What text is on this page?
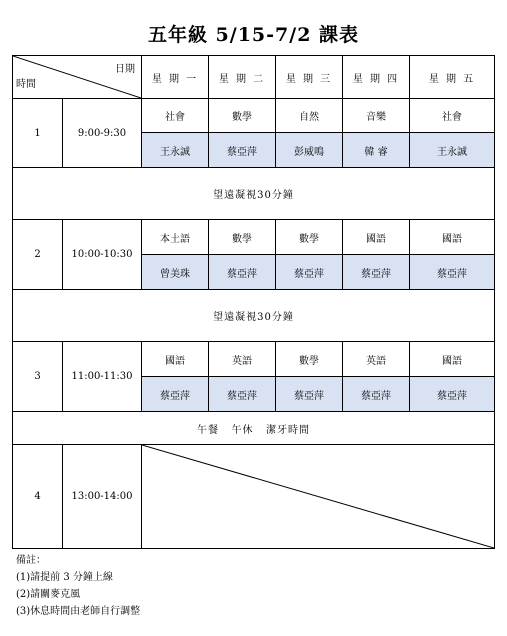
五年級 5/15-7/2 課表
日期
時間		星 期 一	星 期 二	星 期 三	星 期 四	星 期 五
1	9:00-9:30	社會	數學	自然	音樂	社會
		王永誠	蔡亞萍	彭威鳴	韓 睿	王永誠
望遠凝視30分鐘						
2	10:00-10:30	本土語	數學	數學	國語	國語
		曾美珠	蔡亞萍	蔡亞萍	蔡亞萍	蔡亞萍
望遠凝視30分鐘						
3	11:00-11:30	國語	英語	數學	英語	國語
		蔡亞萍	蔡亞萍	蔡亞萍	蔡亞萍	蔡亞萍
午餐   午休   潔牙時間						
4	13:00-14:00	
備註：
(1)請提前 3 分鐘上線
(2)請關麥克風
(3)休息時間由老師自行調整
